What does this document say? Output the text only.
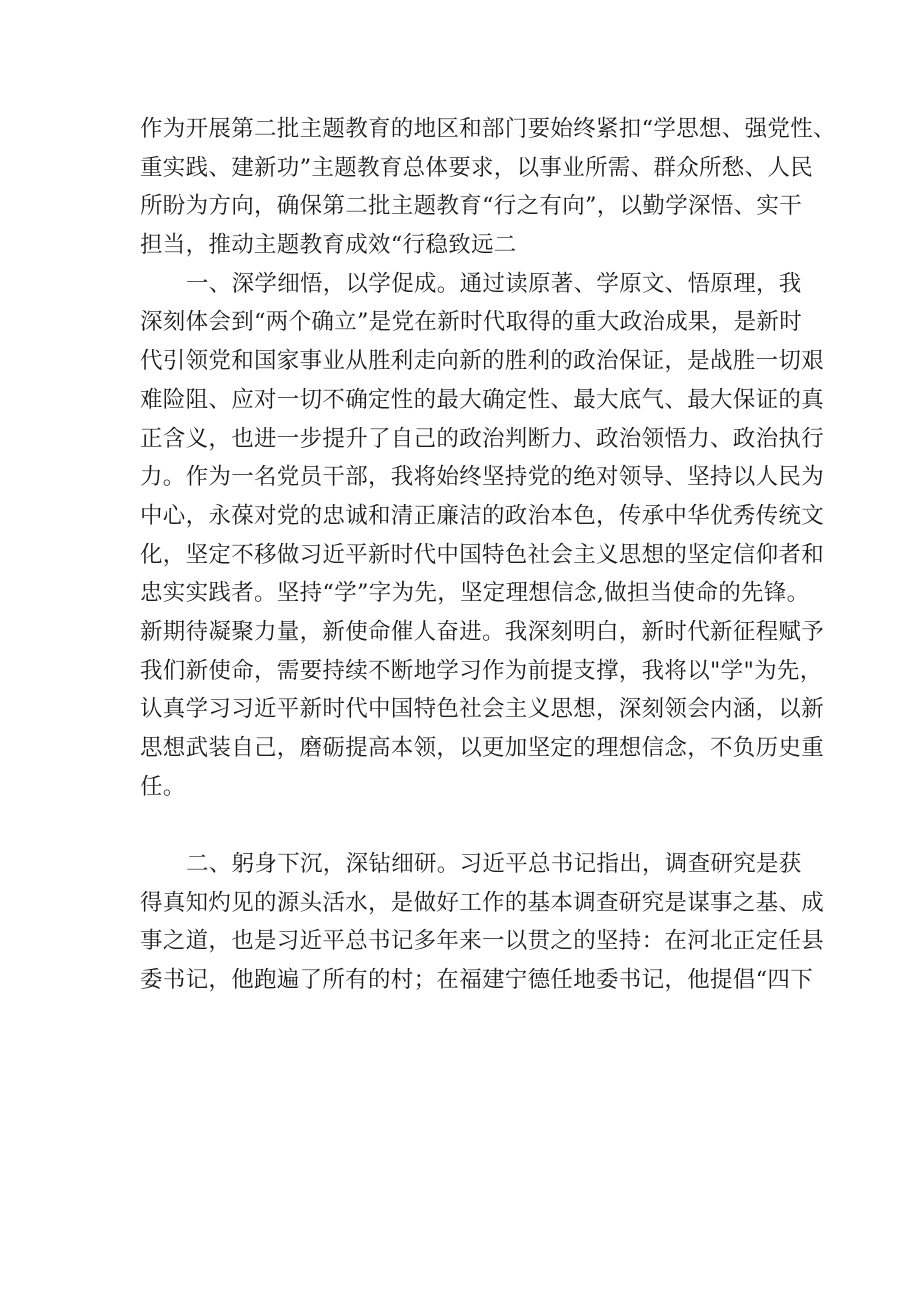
作为开展第二批主题教育的地区和部门要始终紧扣“学思想、强党性、
重实践、建新功”主题教育总体要求，以事业所需、群众所愁、人民
所盼为方向，确保第二批主题教育“行之有向”，以勤学深悟、实干
担当，推动主题教育成效“行稳致远二
一、深学细悟，以学促成。通过读原著、学原文、悟原理，我
深刻体会到“两个确立”是党在新时代取得的重大政治成果，是新时
代引领党和国家事业从胜利走向新的胜利的政治保证，是战胜一切艰
难险阻、应对一切不确定性的最大确定性、最大底气、最大保证的真
正含义，也进一步提升了自己的政治判断力、政治领悟力、政治执行
力。作为一名党员干部，我将始终坚持党的绝对领导、坚持以人民为
中心，永葆对党的忠诚和清正廉洁的政治本色，传承中华优秀传统文
化，坚定不移做习近平新时代中国特色社会主义思想的坚定信仰者和
忠实实践者。坚持“学”字为先，坚定理想信念,做担当使命的先锋。
新期待凝聚力量，新使命催人奋进。我深刻明白，新时代新征程赋予
我们新使命，需要持续不断地学习作为前提支撑，我将以"学"为先，
认真学习习近平新时代中国特色社会主义思想，深刻领会内涵，以新
思想武装自己，磨砺提高本领，以更加坚定的理想信念，不负历史重
任。
二、躬身下沉，深钻细研。习近平总书记指出，调查研究是获
得真知灼见的源头活水，是做好工作的基本调查研究是谋事之基、成
事之道，也是习近平总书记多年来一以贯之的坚持：在河北正定任县
委书记，他跑遍了所有的村；在福建宁德任地委书记，他提倡“四下
